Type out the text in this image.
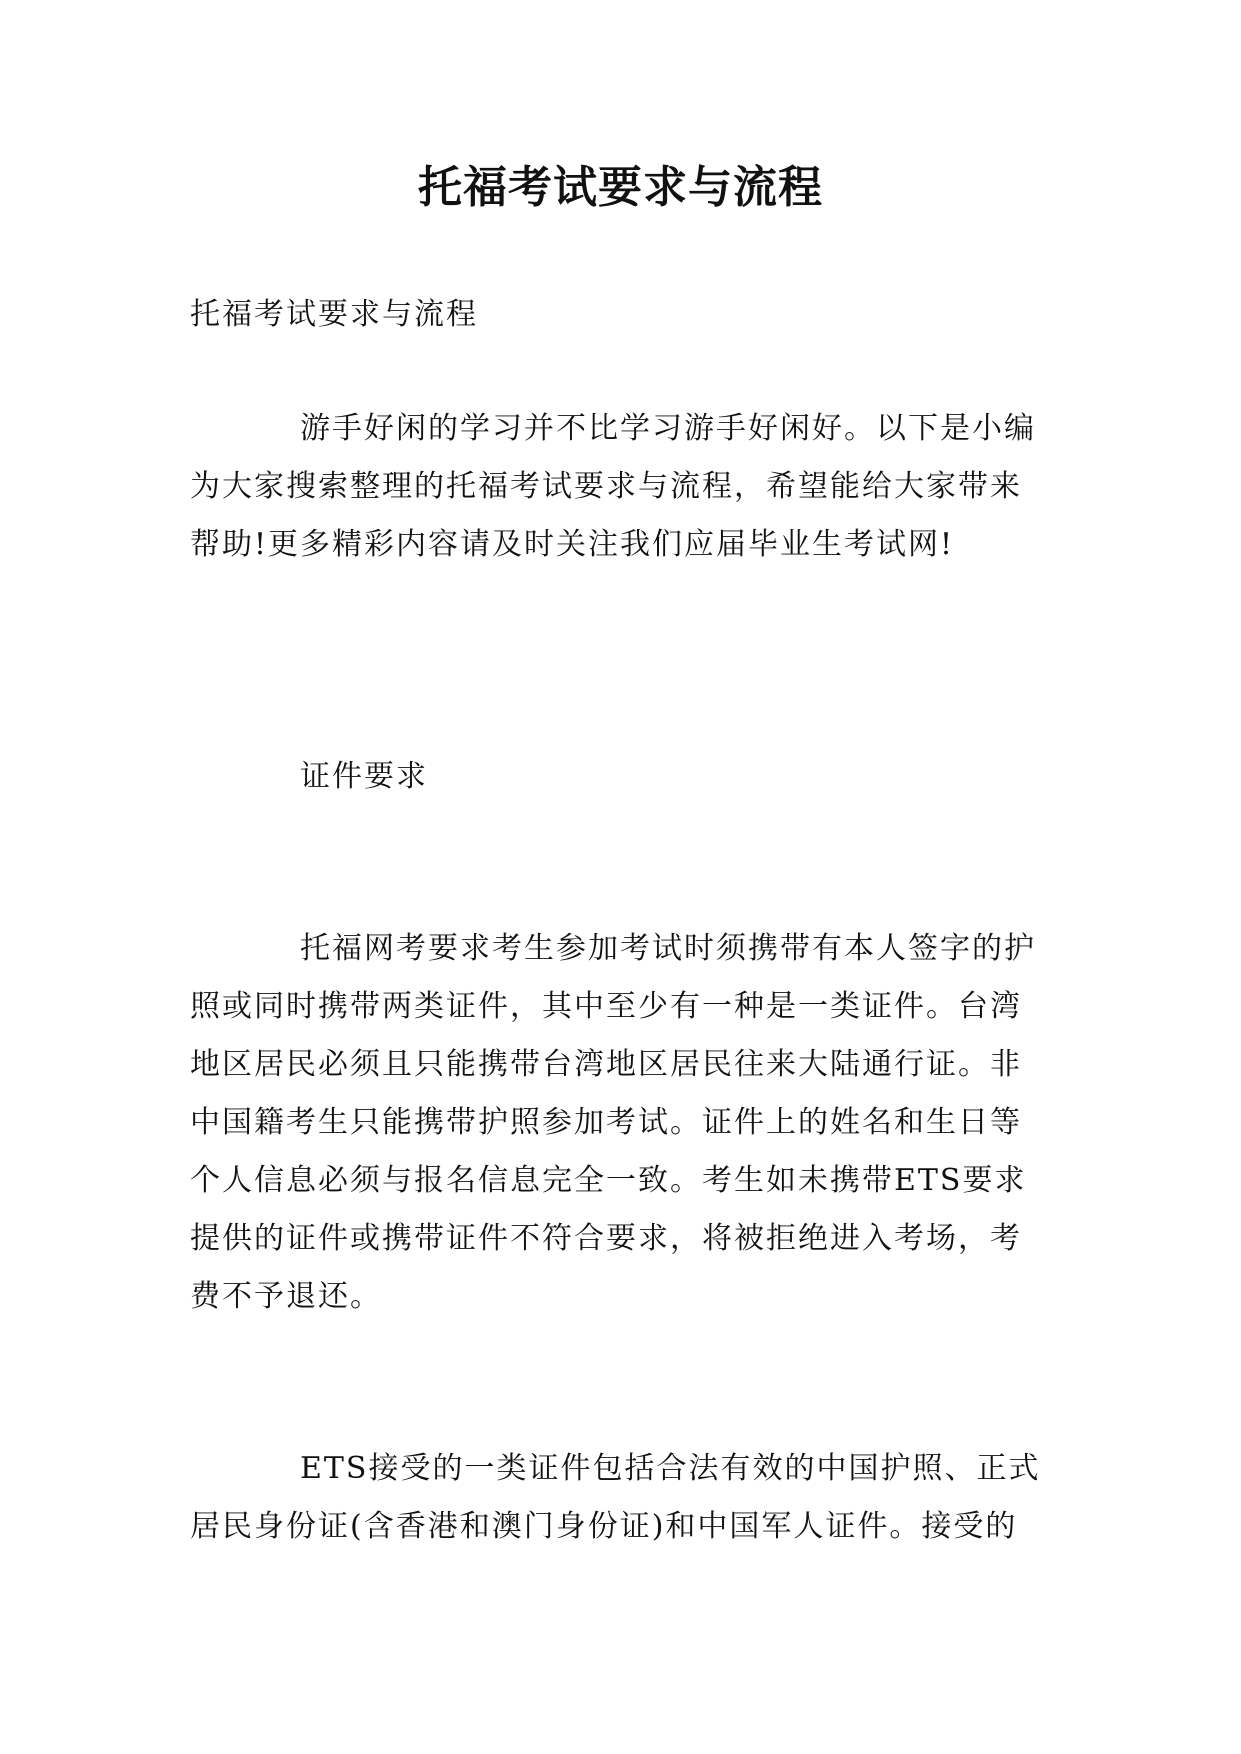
托福考试要求与流程

托福考试要求与流程

游手好闲的学习并不比学习游手好闲好。以下是小编为大家搜索整理的托福考试要求与流程，希望能给大家带来帮助!更多精彩内容请及时关注我们应届毕业生考试网!

证件要求

托福网考要求考生参加考试时须携带有本人签字的护照或同时携带两类证件，其中至少有一种是一类证件。台湾地区居民必须且只能携带台湾地区居民往来大陆通行证。非中国籍考生只能携带护照参加考试。证件上的姓名和生日等个人信息必须与报名信息完全一致。考生如未携带ETS要求提供的证件或携带证件不符合要求，将被拒绝进入考场，考费不予退还。

ETS接受的一类证件包括合法有效的中国护照、正式居民身份证(含香港和澳门身份证)和中国军人证件。接受的
